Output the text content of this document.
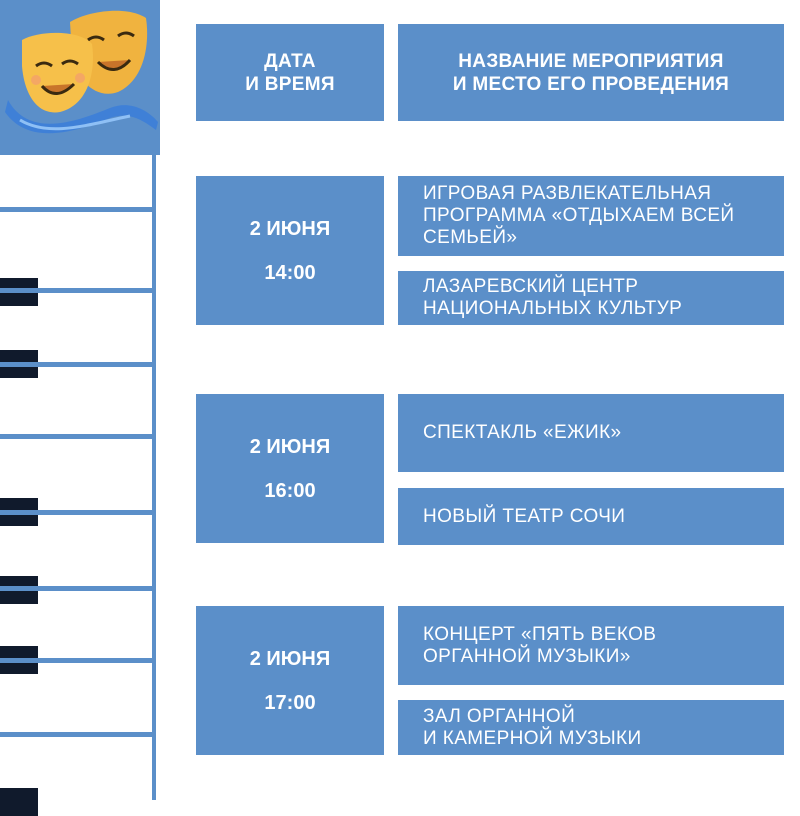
ДАТА
И ВРЕМЯ
НАЗВАНИЕ МЕРОПРИЯТИЯ
И МЕСТО ЕГО ПРОВЕДЕНИЯ
2 ИЮНЯ
14:00
ИГРОВАЯ РАЗВЛЕКАТЕЛЬНАЯ
ПРОГРАММА «ОТДЫХАЕМ ВСЕЙ
СЕМЬЕЙ»
ЛАЗАРЕВСКИЙ ЦЕНТР
НАЦИОНАЛЬНЫХ КУЛЬТУР
2 ИЮНЯ
16:00
СПЕКТАКЛЬ «ЕЖИК»
НОВЫЙ ТЕАТР СОЧИ
2 ИЮНЯ
17:00
КОНЦЕРТ «ПЯТЬ ВЕКОВ
ОРГАННОЙ МУЗЫКИ»
ЗАЛ ОРГАННОЙ
И КАМЕРНОЙ МУЗЫКИ
